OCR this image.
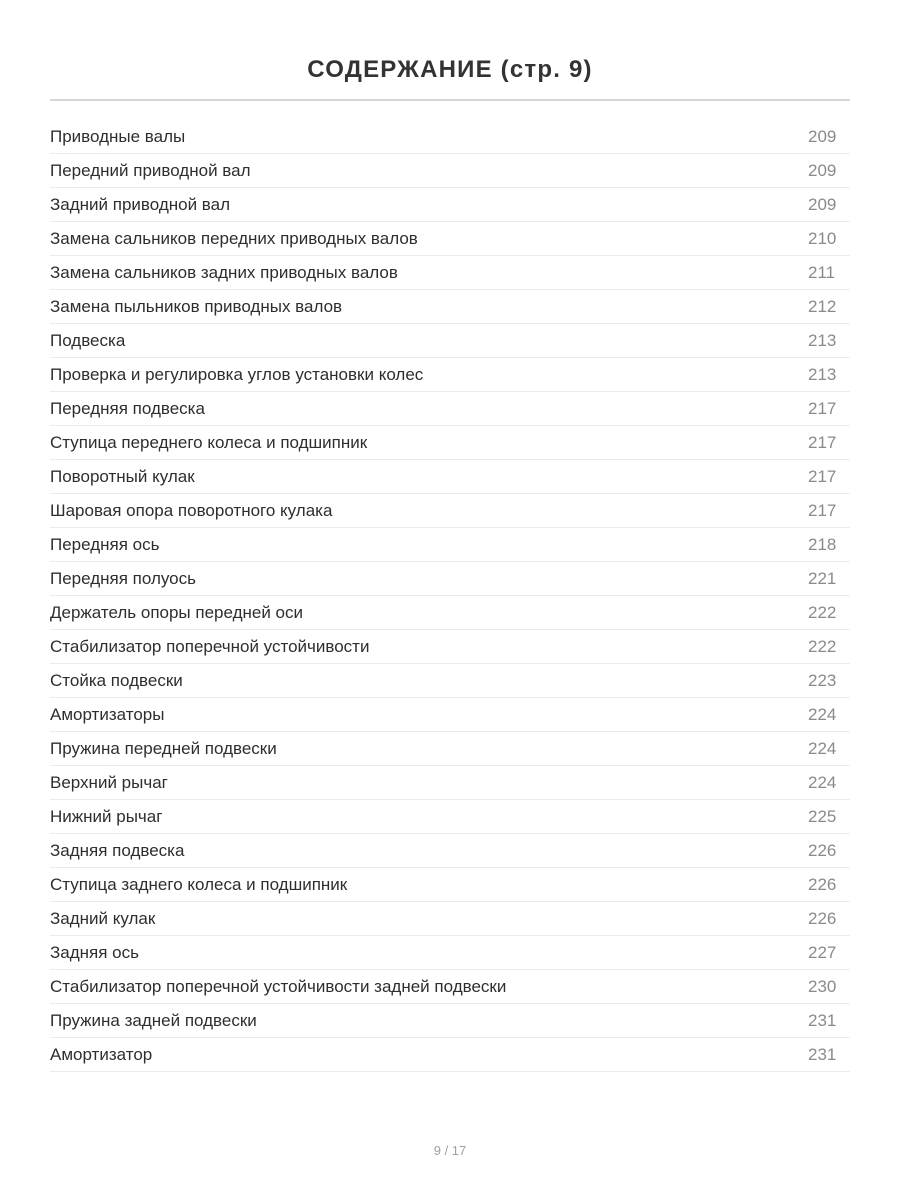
СОДЕРЖАНИЕ (стр. 9)
Приводные валы	209
Передний приводной вал	209
Задний приводной вал	209
Замена сальников передних приводных валов	210
Замена сальников задних приводных валов	211
Замена пыльников приводных валов	212
Подвеска	213
Проверка и регулировка углов установки колес	213
Передняя подвеска	217
Ступица переднего колеса и подшипник	217
Поворотный кулак	217
Шаровая опора поворотного кулака	217
Передняя ось	218
Передняя полуось	221
Держатель опоры передней оси	222
Стабилизатор поперечной устойчивости	222
Стойка подвески	223
Амортизаторы	224
Пружина передней подвески	224
Верхний рычаг	224
Нижний рычаг	225
Задняя подвеска	226
Ступица заднего колеса и подшипник	226
Задний кулак	226
Задняя ось	227
Стабилизатор поперечной устойчивости задней подвески	230
Пружина задней подвески	231
Амортизатор	231
9 / 17
